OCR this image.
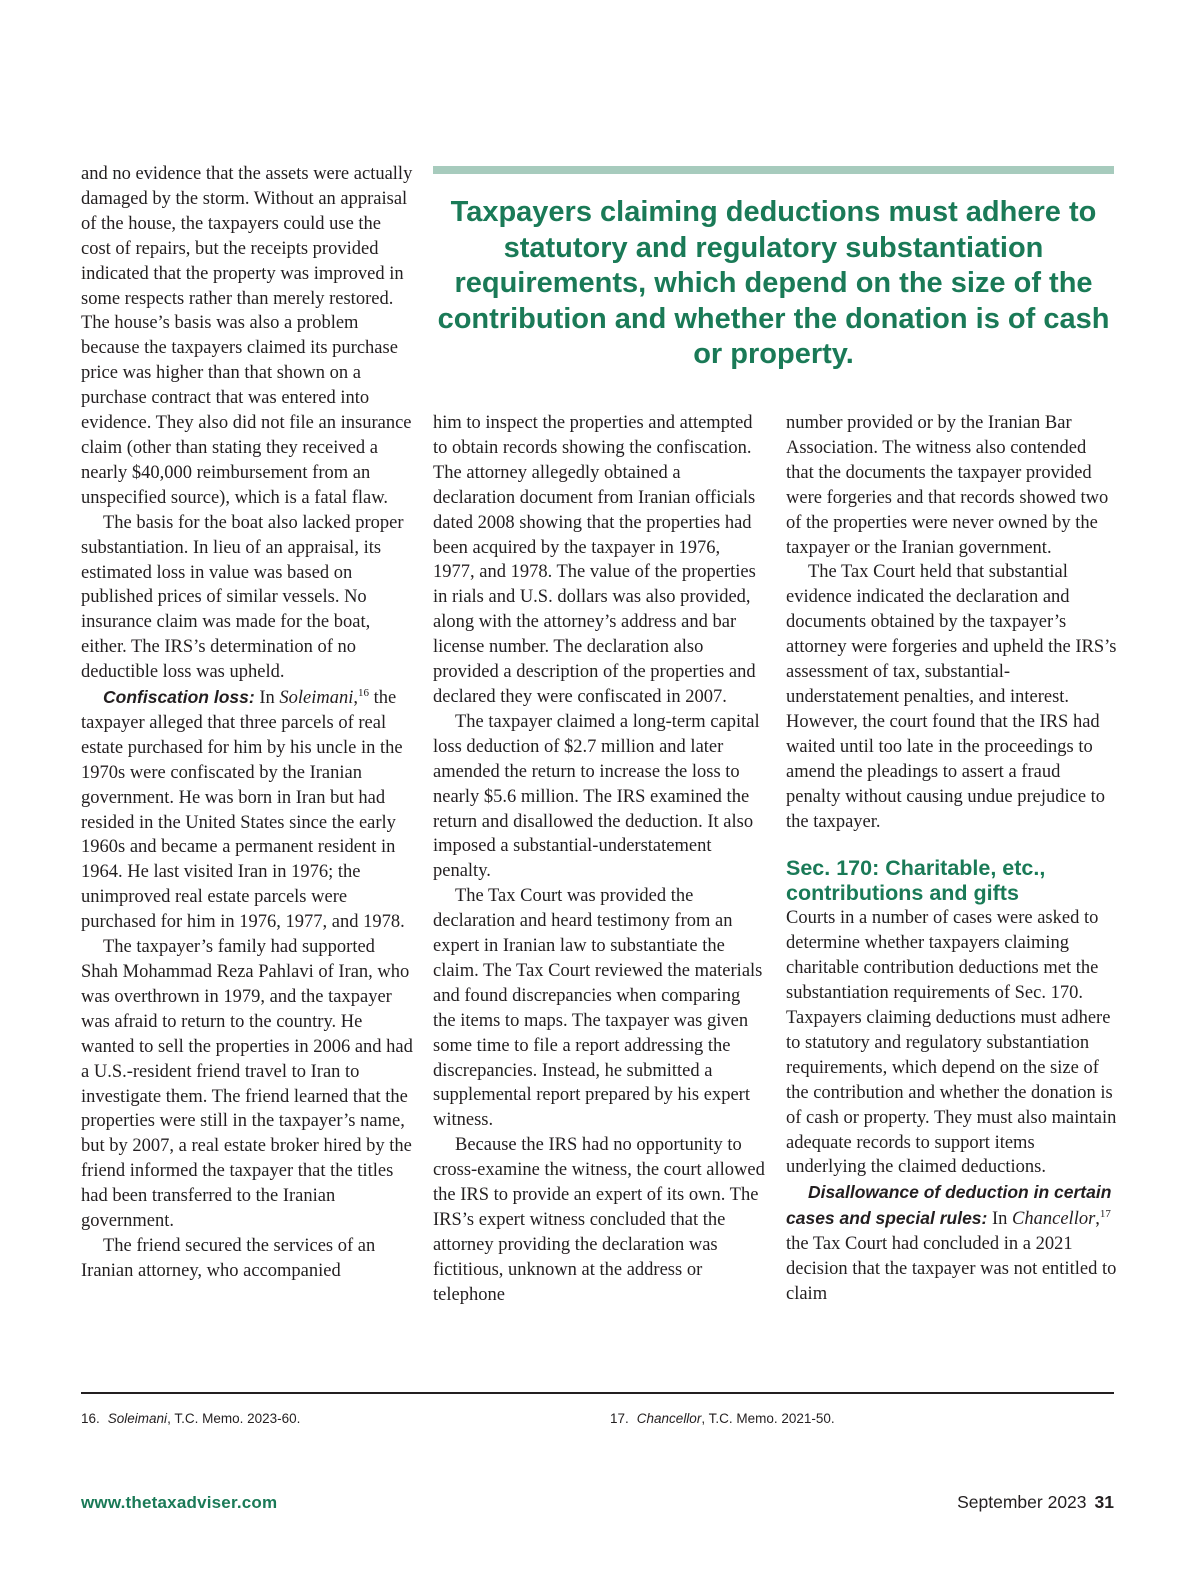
Taxpayers claiming deductions must adhere to statutory and regulatory substantiation requirements, which depend on the size of the contribution and whether the donation is of cash or property.

and no evidence that the assets were actually damaged by the storm. Without an appraisal of the house, the taxpayers could use the cost of repairs, but the receipts provided indicated that the property was improved in some respects rather than merely restored. The house’s basis was also a problem because the taxpayers claimed its purchase price was higher than that shown on a purchase contract that was entered into evidence. They also did not file an insurance claim (other than stating they received a nearly $40,000 reimbursement from an unspecified source), which is a fatal flaw.

The basis for the boat also lacked proper substantiation. In lieu of an appraisal, its estimated loss in value was based on published prices of similar vessels. No insurance claim was made for the boat, either. The IRS’s determination of no deductible loss was upheld.

Confiscation loss: In Soleimani,$^{16}$ the taxpayer alleged that three parcels of real estate purchased for him by his uncle in the 1970s were confiscated by the Iranian government. He was born in Iran but had resided in the United States since the early 1960s and became a permanent resident in 1964. He last visited Iran in 1976; the unimproved real estate parcels were purchased for him in 1976, 1977, and 1978.

The taxpayer’s family had supported Shah Mohammad Reza Pahlavi of Iran, who was overthrown in 1979, and the taxpayer was afraid to return to the country. He wanted to sell the properties in 2006 and had a U.S.-resident friend travel to Iran to investigate them. The friend learned that the properties were still in the taxpayer’s name, but by 2007, a real estate broker hired by the friend informed the taxpayer that the titles had been transferred to the Iranian government.

The friend secured the services of an Iranian attorney, who accompanied

him to inspect the properties and attempted to obtain records showing the confiscation. The attorney allegedly obtained a declaration document from Iranian officials dated 2008 showing that the properties had been acquired by the taxpayer in 1976, 1977, and 1978. The value of the properties in rials and U.S. dollars was also provided, along with the attorney’s address and bar license number. The declaration also provided a description of the properties and declared they were confiscated in 2007.

The taxpayer claimed a long-term capital loss deduction of $2.7 million and later amended the return to increase the loss to nearly $5.6 million. The IRS examined the return and disallowed the deduction. It also imposed a substantial-understatement penalty.

The Tax Court was provided the declaration and heard testimony from an expert in Iranian law to substantiate the claim. The Tax Court reviewed the materials and found discrepancies when comparing the items to maps. The taxpayer was given some time to file a report addressing the discrepancies. Instead, he submitted a supplemental report prepared by his expert witness.

Because the IRS had no opportunity to cross-examine the witness, the court allowed the IRS to provide an expert of its own. The IRS’s expert witness concluded that the attorney providing the declaration was fictitious, unknown at the address or telephone

number provided or by the Iranian Bar Association. The witness also contended that the documents the taxpayer provided were forgeries and that records showed two of the properties were never owned by the taxpayer or the Iranian government.

The Tax Court held that substantial evidence indicated the declaration and documents obtained by the taxpayer’s attorney were forgeries and upheld the IRS’s assessment of tax, substantial-understatement penalties, and interest. However, the court found that the IRS had waited until too late in the proceedings to amend the pleadings to assert a fraud penalty without causing undue prejudice to the taxpayer.

Sec. 170: Charitable, etc.,
contributions and gifts

Courts in a number of cases were asked to determine whether taxpayers claiming charitable contribution deductions met the substantiation requirements of Sec. 170. Taxpayers claiming deductions must adhere to statutory and regulatory substantiation requirements, which depend on the size of the contribution and whether the donation is of cash or property. They must also maintain adequate records to support items underlying the claimed deductions.

Disallowance of deduction in certain cases and special rules: In Chancellor,$^{17}$ the Tax Court had concluded in a 2021 decision that the taxpayer was not entitled to claim

16. Soleimani, T.C. Memo. 2023-60.	17. Chancellor, T.C. Memo. 2021-50.
www.thetaxadviser.com	September 2023 31
